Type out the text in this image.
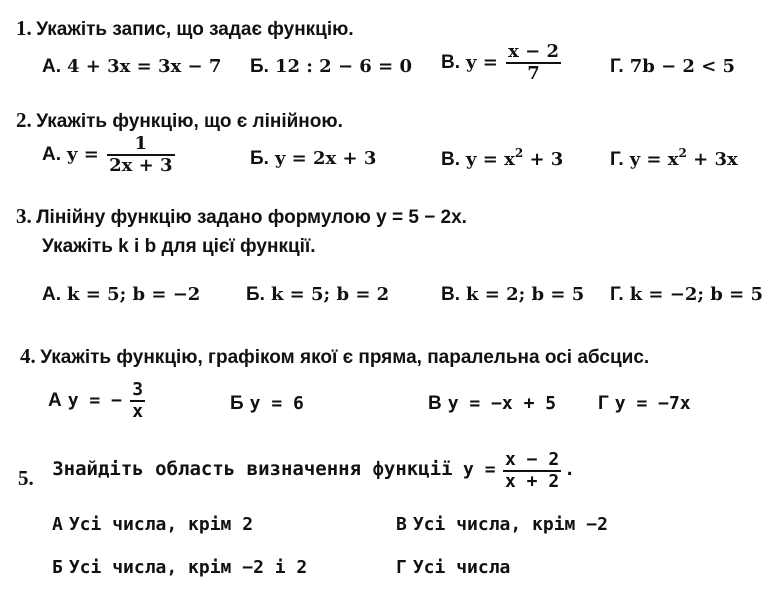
1. Укажіть запис, що задає функцію.
А. 4 + 3x = 3x − 7 Б. 12 : 2 − 6 = 0 В. $y = \frac{x - 2}{7}$	Г. 7b − 2 < 5
2. Укажіть функцію, що є лінійною.
А. $y = \frac{1}{2x + 3}$	Б. y = 2x + 3	В. $y = x^2 + 3$ Г. $y = x^2 + 3x$
3. Лінійну функцію задано формулою y = 5 − 2x.
Укажіть k і b для цієї функції.
А. k = 5; b = −2 Б. k = 5; b = 2	В. k = 2; b = 5 Г. k = −2; b = 5
4. Укажіть функцію, графіком якої є пряма, паралельна осі абсцис.
А y = − $\frac{3}{x}$	Б y = 6	В y = −x + 5 Г y = −7x
5. Знайдіть область визначення функції $y = \frac{x - 2}{x + 2}$ .
А Усі числа, крім 2	В Усі числа, крім −2
Б Усі числа, крім −2 і 2	Г Усі числа
